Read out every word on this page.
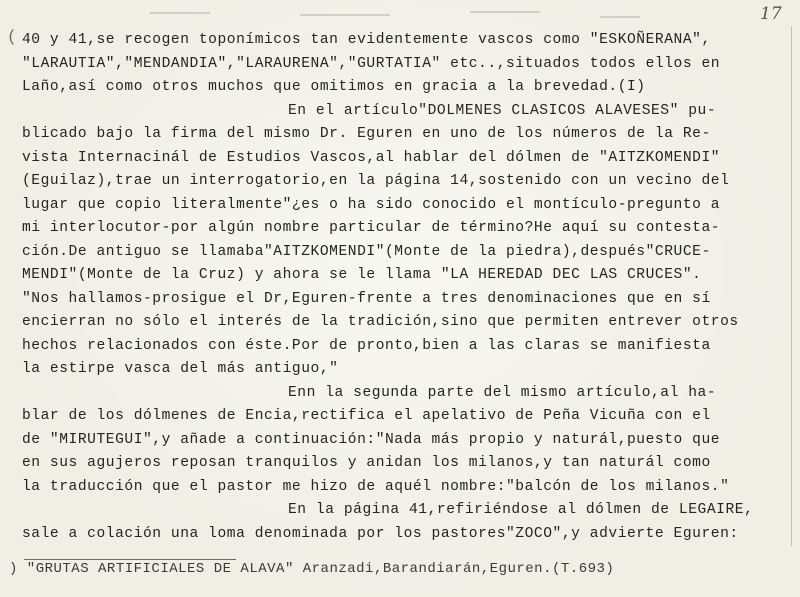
17
( 40 y 41,se recogen toponímicos tan evidentemente vascos como "ESKOÑERANA",
"LARAUTIA","MENDANDIA","LARAURENA","GURTATIA" etc..,situados todos ellos en
Laño,así como otros muchos que omitimos en gracia a la brevedad.(I)
En el artículo"DOLMENES CLASICOS ALAVESES" pu-
blicado bajo la firma del mismo Dr. Eguren en uno de los números de la Re-
vista Internacinál de Estudios Vascos,al hablar del dólmen de "AITZKOMENDI"
(Eguilaz),trae un interrogatorio,en la página 14,sostenido con un vecino del
lugar que copio literalmente"¿es o ha sido conocido el montículo-pregunto a
mi interlocutor-por algún nombre particular de término?He aquí su contesta-
ción.De antiguo se llamaba"AITZKOMENDI"(Monte de la piedra),después"CRUCE-
MENDI"(Monte de la Cruz) y ahora se le llama "LA HEREDAD DEC LAS CRUCES".
"Nos hallamos-prosigue el Dr,Eguren-frente a tres denominaciones que en sí
encierran no sólo el interés de la tradición,sino que permiten entrever otros
hechos relacionados con éste.Por de pronto,bien a las claras se manifiesta
la estirpe vasca del más antiguo,"
Enn la segunda parte del mismo artículo,al ha-
blar de los dólmenes de Encia,rectifica el apelativo de Peña Vicuña con el
de "MIRUTEGUI",y añade a continuación:"Nada más propio y naturál,puesto que
en sus agujeros reposan tranquilos y anidan los milanos,y tan naturál como
la traducción que el pastor me hizo de aquél nombre:"balcón de los milanos."
En la página 41,refiriéndose al dólmen de LEGAIRE,
sale a colación una loma denominada por los pastores"ZOCO",y advierte Eguren:
) "GRUTAS ARTIFICIALES DE ALAVA" Aranzadi,Barandiarán,Eguren.(T.693)
